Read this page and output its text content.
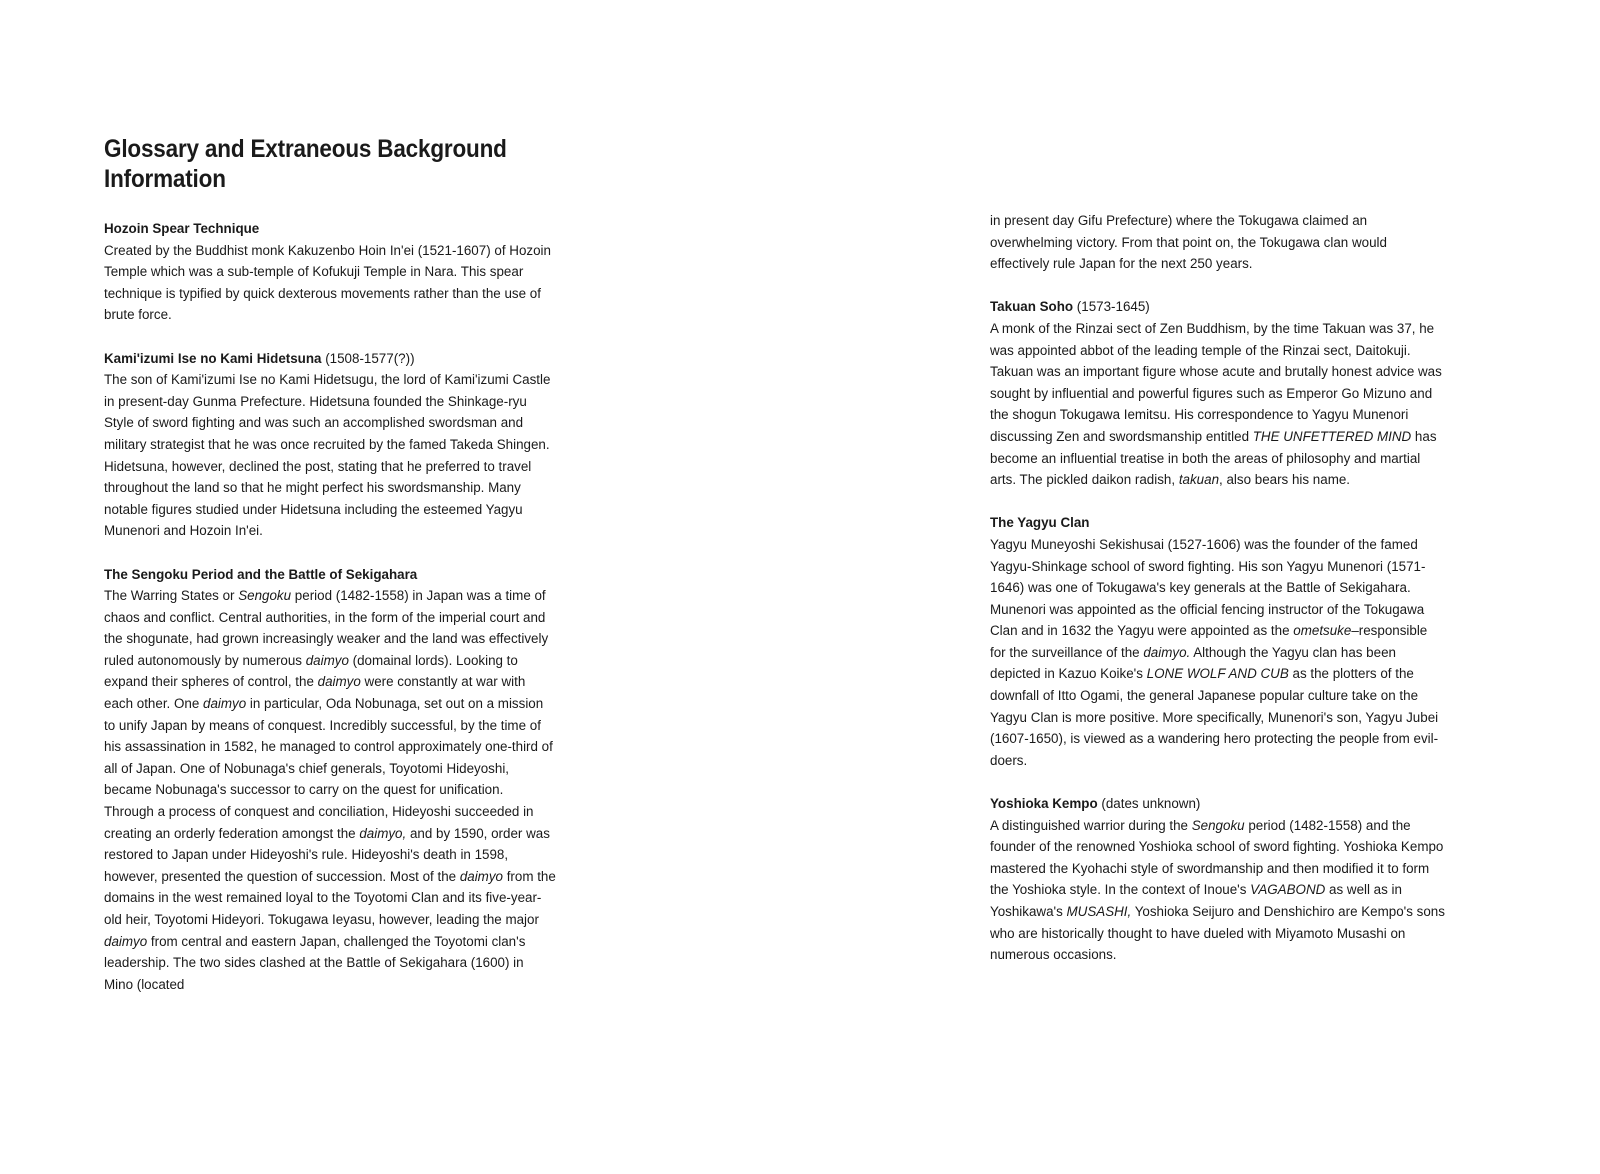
Glossary and Extraneous Background Information

Hozoin Spear Technique

Created by the Buddhist monk Kakuzenbo Hoin In'ei (1521-1607) of Hozoin Temple which was a sub-temple of Kofukuji Temple in Nara. This spear technique is typified by quick dexterous movements rather than the use of brute force.

Kami'izumi Ise no Kami Hidetsuna (1508-1577(?))

The son of Kami'izumi Ise no Kami Hidetsugu, the lord of Kami'izumi Castle in present-day Gunma Prefecture. Hidetsuna founded the Shinkage-ryu Style of sword fighting and was such an accomplished swordsman and military strategist that he was once recruited by the famed Takeda Shingen. Hidetsuna, however, declined the post, stating that he preferred to travel throughout the land so that he might perfect his swordsmanship. Many notable figures studied under Hidetsuna including the esteemed Yagyu Munenori and Hozoin In'ei.

The Sengoku Period and the Battle of Sekigahara

The Warring States or Sengoku period (1482-1558) in Japan was a time of chaos and conflict. Central authorities, in the form of the imperial court and the shogunate, had grown increasingly weaker and the land was effectively ruled autonomously by numerous daimyo (domainal lords). Looking to expand their spheres of control, the daimyo were constantly at war with each other. One daimyo in particular, Oda Nobunaga, set out on a mission to unify Japan by means of conquest. Incredibly successful, by the time of his assassination in 1582, he managed to control approximately one-third of all of Japan. One of Nobunaga's chief generals, Toyotomi Hideyoshi, became Nobunaga's successor to carry on the quest for unification. Through a process of conquest and conciliation, Hideyoshi succeeded in creating an orderly federation amongst the daimyo, and by 1590, order was restored to Japan under Hideyoshi's rule. Hideyoshi's death in 1598, however, presented the question of succession. Most of the daimyo from the domains in the west remained loyal to the Toyotomi Clan and its five-year-old heir, Toyotomi Hideyori. Tokugawa Ieyasu, however, leading the major daimyo from central and eastern Japan, challenged the Toyotomi clan's leadership. The two sides clashed at the Battle of Sekigahara (1600) in Mino (located

in present day Gifu Prefecture) where the Tokugawa claimed an overwhelming victory. From that point on, the Tokugawa clan would effectively rule Japan for the next 250 years.

Takuan Soho (1573-1645)

A monk of the Rinzai sect of Zen Buddhism, by the time Takuan was 37, he was appointed abbot of the leading temple of the Rinzai sect, Daitokuji. Takuan was an important figure whose acute and brutally honest advice was sought by influential and powerful figures such as Emperor Go Mizuno and the shogun Tokugawa Iemitsu. His correspondence to Yagyu Munenori discussing Zen and swordsmanship entitled THE UNFETTERED MIND has become an influential treatise in both the areas of philosophy and martial arts. The pickled daikon radish, takuan, also bears his name.

The Yagyu Clan

Yagyu Muneyoshi Sekishusai (1527-1606) was the founder of the famed Yagyu-Shinkage school of sword fighting. His son Yagyu Munenori (1571-1646) was one of Tokugawa's key generals at the Battle of Sekigahara. Munenori was appointed as the official fencing instructor of the Tokugawa Clan and in 1632 the Yagyu were appointed as the ometsuke–responsible for the surveillance of the daimyo. Although the Yagyu clan has been depicted in Kazuo Koike's LONE WOLF AND CUB as the plotters of the downfall of Itto Ogami, the general Japanese popular culture take on the Yagyu Clan is more positive. More specifically, Munenori's son, Yagyu Jubei (1607-1650), is viewed as a wandering hero protecting the people from evil-doers.

Yoshioka Kempo (dates unknown)

A distinguished warrior during the Sengoku period (1482-1558) and the founder of the renowned Yoshioka school of sword fighting. Yoshioka Kempo mastered the Kyohachi style of swordmanship and then modified it to form the Yoshioka style. In the context of Inoue's VAGABOND as well as in Yoshikawa's MUSASHI, Yoshioka Seijuro and Denshichiro are Kempo's sons who are historically thought to have dueled with Miyamoto Musashi on numerous occasions.
